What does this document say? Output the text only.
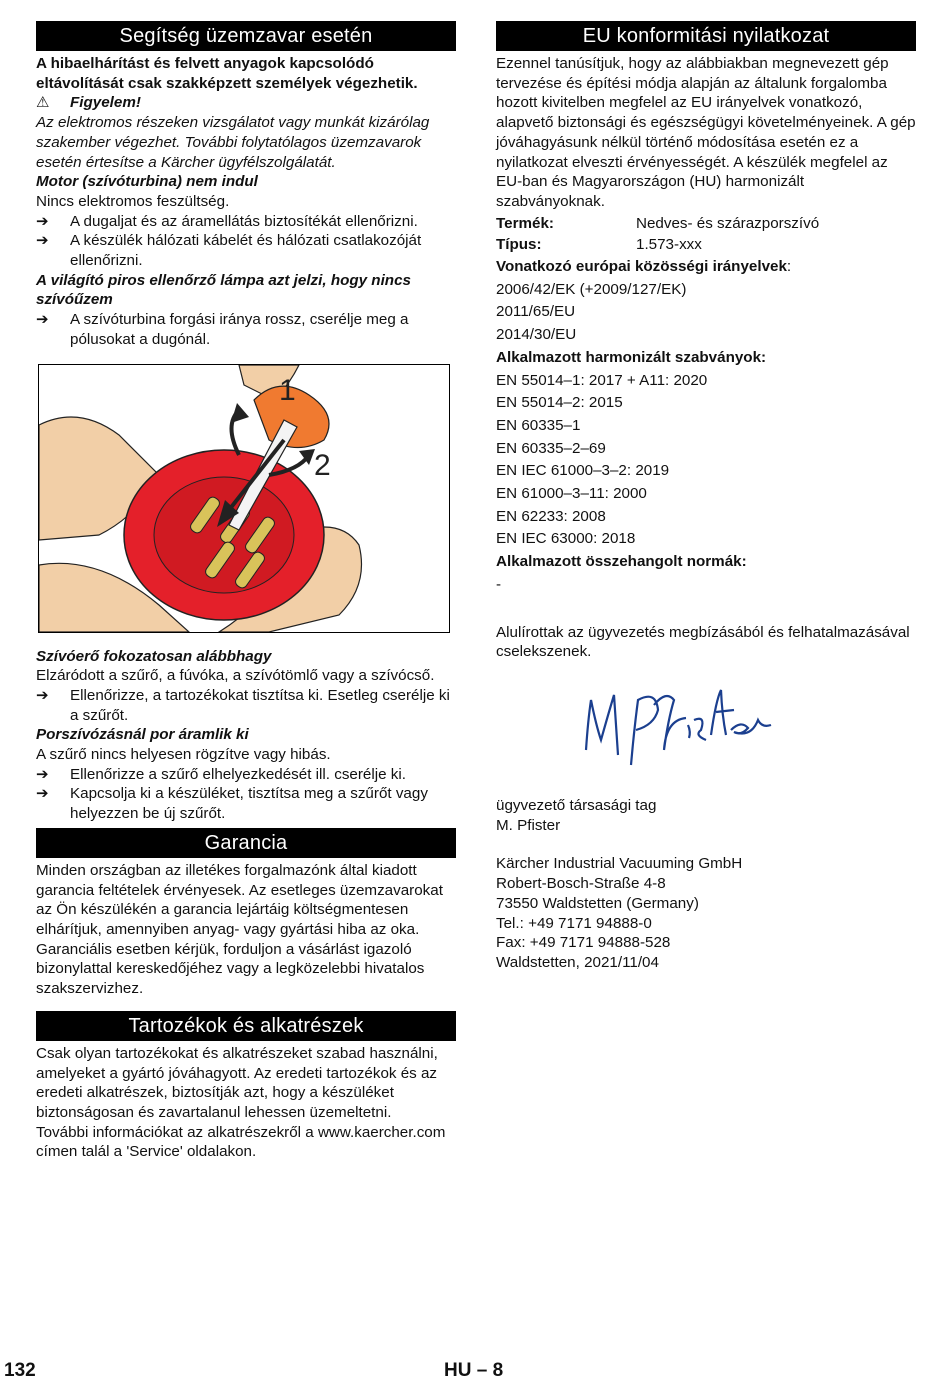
Segítség üzemzavar esetén

A hibaelhárítást és felvett anyagok kapcsolódó eltávolítását csak szakképzett személyek végezhetik.

⚠ Figyelem!

Az elektromos részeken vizsgálatot vagy munkát kizárólag szakember végezhet. További folytatólagos üzemzavarok esetén értesítse a Kärcher ügyfélszolgálatát.

Motor (szívóturbina) nem indul

Nincs elektromos feszültség.

➔	A dugaljat és az áramellátás biztosítékát ellenőrizni.
➔	A készülék hálózati kábelét és hálózati csatlakozóját ellenőrizni.

A világító piros ellenőrző lámpa azt jelzi, hogy nincs szívóűzem

➔	A szívóturbina forgási iránya rossz, cserélje meg a pólusokat a dugónál.
1
2

Szívóerő fokozatosan alábbhagy

Elzáródott a szűrő, a fúvóka, a szívótömlő vagy a szívócső.

➔	Ellenőrizze, a tartozékokat tisztítsa ki. Esetleg cserélje ki a szűrőt.

Porszívózásnál por áramlik ki

A szűrő nincs helyesen rögzítve vagy hibás.

➔	Ellenőrizze a szűrő elhelyezkedését ill. cserélje ki.
➔	Kapcsolja ki a készüléket, tisztítsa meg a szűrőt vagy helyezzen be új szűrőt.
Garancia

Minden országban az illetékes forgalmazónk által kiadott garancia feltételek érvényesek. Az esetleges üzemzavarokat az Ön készülékén a garancia lejártáig költségmentesen elhárítjuk, amennyiben anyag- vagy gyártási hiba az oka. Garanciális esetben kérjük, forduljon a vásárlást igazoló bizonylattal kereskedőjéhez vagy a legközelebbi hivatalos szakszervizhez.

Tartozékok és alkatrészek

Csak olyan tartozékokat és alkatrészeket szabad használni, amelyeket a gyártó jóváhagyott. Az eredeti tartozékok és az eredeti alkatrészek, biztosítják azt, hogy a készüléket biztonságosan és zavartalanul lehessen üzemeltetni.

További információkat az alkatrészekről a www.kaercher.com címen talál a 'Service' oldalakon.

EU konformitási nyilatkozat

Ezennel tanúsítjuk, hogy az alábbiakban megnevezett gép tervezése és építési módja alapján az általunk forgalomba hozott kivitelben megfelel az EU irányelvek vonatkozó, alapvető biztonsági és egészségügyi követelményeinek. A gép jóváhagyásunk nélkül történő módosítása esetén ez a nyilatkozat elveszti érvényességét. A készülék megfelel az EU-ban és Magyarországon (HU) harmonizált szabványoknak.

Termék:	Nedves- és szárazporszívó
Típus:	1.573-xxx

Vonatkozó európai közösségi irányelvek:

2006/42/EK (+2009/127/EK)

2011/65/EU

2014/30/EU

Alkalmazott harmonizált szabványok:

EN 55014–1: 2017 + A11: 2020

EN 55014–2: 2015

EN 60335–1

EN 60335–2–69

EN IEC 61000–3–2: 2019

EN 61000–3–11: 2000

EN 62233: 2008

EN IEC 63000: 2018

Alkalmazott összehangolt normák:

-

Alulírottak az ügyvezetés megbízásából és felhatalmazásával cselekszenek.

ügyvezető társasági tag

M. Pfister

Kärcher Industrial Vacuuming GmbH

Robert-Bosch-Straße 4-8

73550 Waldstetten (Germany)

Tel.: +49 7171 94888-0

Fax: +49 7171 94888-528

Waldstetten, 2021/11/04

132	HU – 8
